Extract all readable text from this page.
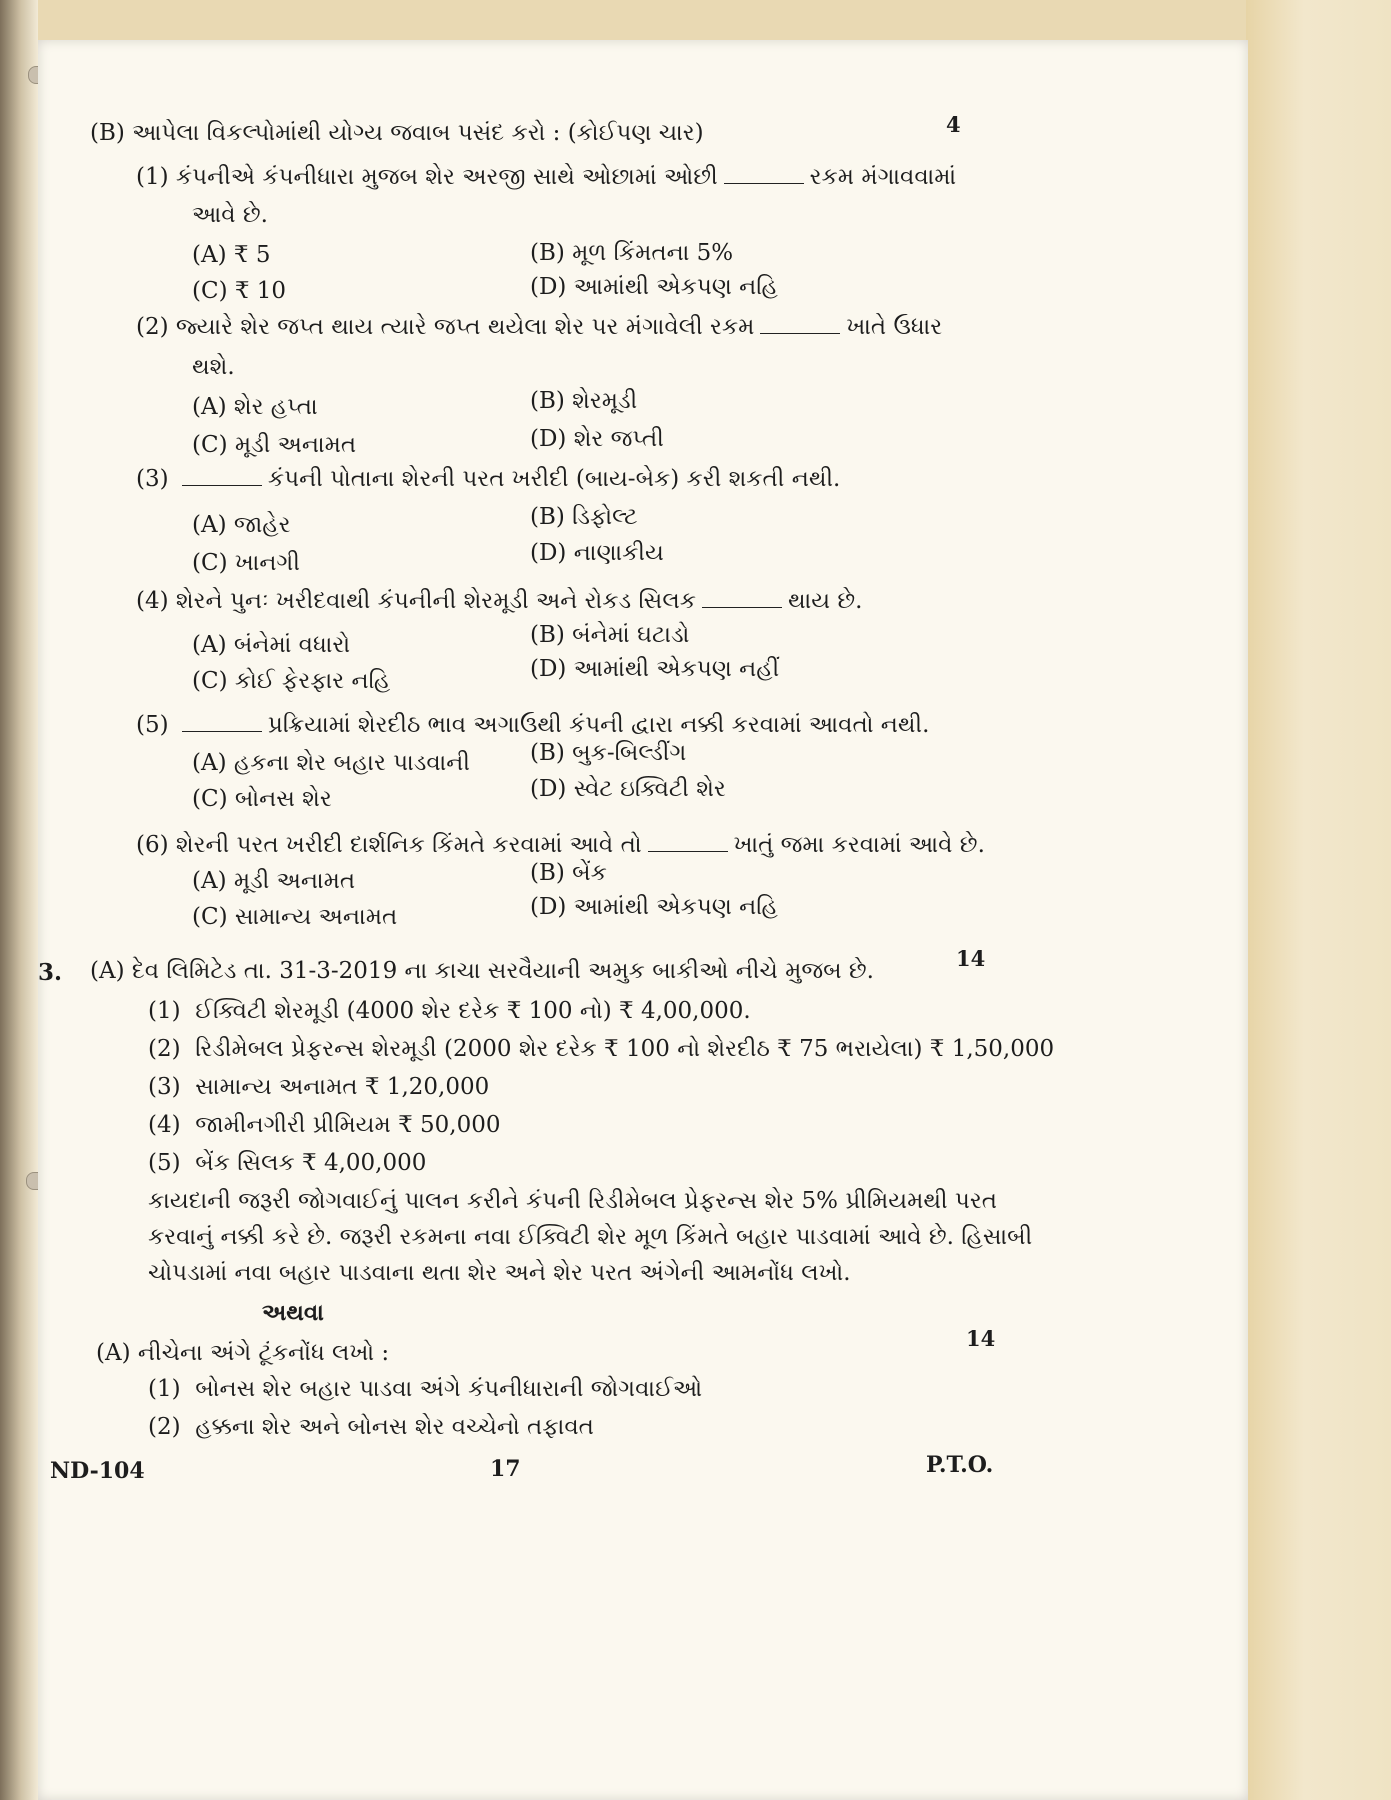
(B) આપેલા વિકલ્પોમાંથી યોગ્ય જવાબ પસંદ કરો : (કોઈપણ ચાર)	4
(1) કંપનીએ કંપનીધારા મુજબ શેર અરજી સાથે ઓછામાં ઓછી	રકમ મંગાવવામાં
આવે છે.
(A) ₹ 5	(B) મૂળ કિંમતના 5%
(C) ₹ 10	(D) આમાંથી એકપણ નહિ
(2) જ્યારે શેર જપ્ત થાય ત્યારે જપ્ત થયેલા શેર પર મંગાવેલી રકમ	ખાતે ઉધાર
થશે.
(A) શેર હપ્તા	(B) શેરમૂડી
(C) મૂડી અનામત	(D) શેર જપ્તી
(3)	કંપની પોતાના શેરની પરત ખરીદી (બાય-બેક) કરી શકતી નથી.
(A) જાહેર	(B) ડિફોલ્ટ
(C) ખાનગી	(D) નાણાકીય
(4) શેરને પુનઃ ખરીદવાથી કંપનીની શેરમૂડી અને રોકડ સિલક	થાય છે.
(A) બંનેમાં વધારો	(B) બંનેમાં ઘટાડો
(C) કોઈ ફેરફાર નહિ	(D) આમાંથી એકપણ નહીં
(5)	પ્રક્રિયામાં શેરદીઠ ભાવ અગાઉથી કંપની દ્વારા નક્કી કરવામાં આવતો નથી.
(A) હકના શેર બહાર પાડવાની	(B) બુક-બિલ્ડીંગ
(C) બોનસ શેર	(D) સ્વેટ ઇક્વિટી શેર
(6) શેરની પરત ખરીદી દાર્શનિક કિંમતે કરવામાં આવે તો	ખાતું જમા કરવામાં આવે છે.
(A) મૂડી અનામત	(B) બેંક
(C) સામાન્ય અનામત	(D) આમાંથી એકપણ નહિ
3. (A) દેવ લિમિટેડ તા. 31-3-2019 ના કાચા સરવૈયાની અમુક બાકીઓ નીચે મુજબ છે.	14
(1) ઈક્વિટી શેરમૂડી (4000 શેર દરેક ₹ 100 નો) ₹ 4,00,000.
(2) રિડીમેબલ પ્રેફરન્સ શેરમૂડી (2000 શેર દરેક ₹ 100 નો શેરદીઠ ₹ 75 ભરાયેલા) ₹ 1,50,000
(3) સામાન્ય અનામત ₹ 1,20,000
(4) જામીનગીરી પ્રીમિયમ ₹ 50,000
(5) બેંક સિલક ₹ 4,00,000
કાયદાની જરૂરી જોગવાઈનું પાલન કરીને કંપની રિડીમેબલ પ્રેફરન્સ શેર 5% પ્રીમિયમથી પરત
કરવાનું નક્કી કરે છે. જરૂરી રકમના નવા ઈક્વિટી શેર મૂળ કિંમતે બહાર પાડવામાં આવે છે. હિસાબી
ચોપડામાં નવા બહાર પાડવાના થતા શેર અને શેર પરત અંગેની આમનોંધ લખો.
અથવા
(A) નીચેના અંગે ટૂંકનોંધ લખો :
14
(1) બોનસ શેર બહાર પાડવા અંગે કંપનીધારાની જોગવાઈઓ
(2) હક્કના શેર અને બોનસ શેર વચ્ચેનો તફાવત
ND-104	17	P.T.O.
